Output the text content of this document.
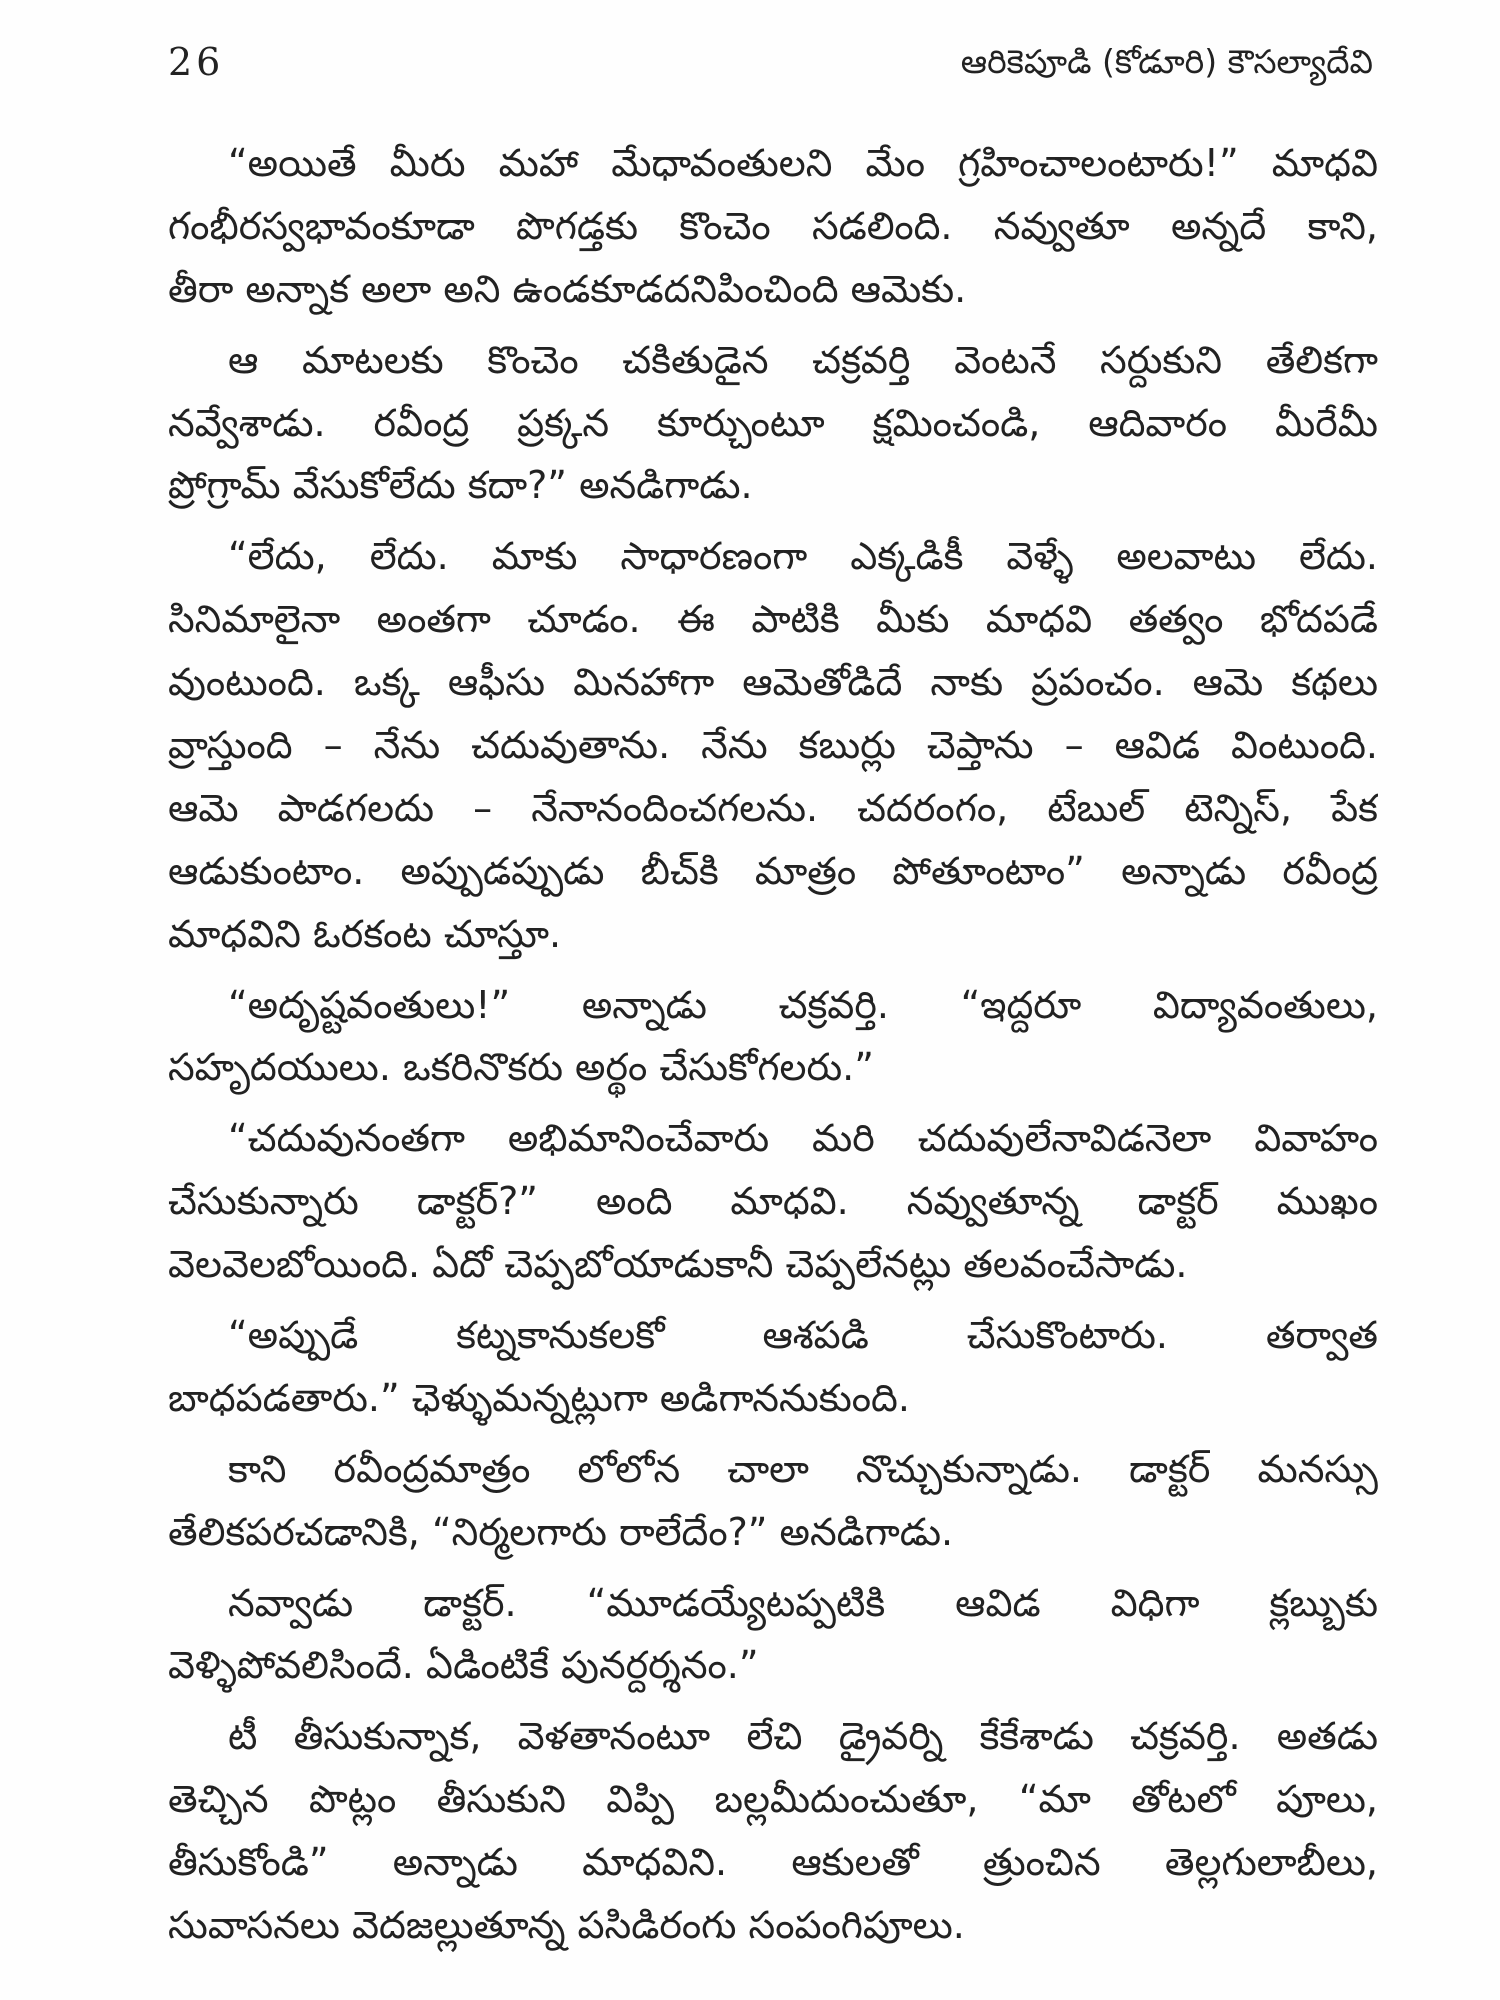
26	ఆరికెపూడి (కోడూరి) కౌసల్యాదేవి
“అయితే మీరు మహా మేధావంతులని మేం గ్రహించాలంటారు!” మాధవి
గంభీరస్వభావంకూడా పొగడ్తకు కొంచెం సడలింది. నవ్వుతూ అన్నదే కాని,
తీరా అన్నాక అలా అని ఉండకూడదనిపించింది ఆమెకు.
ఆ మాటలకు కొంచెం చకితుడైన చక్రవర్తి వెంటనే సర్దుకుని తేలికగా
నవ్వేశాడు. రవీంద్ర ప్రక్కన కూర్చుంటూ క్షమించండి, ఆదివారం మీరేమీ
ప్రోగ్రామ్ వేసుకోలేదు కదా?” అనడిగాడు.
“లేదు, లేదు. మాకు సాధారణంగా ఎక్కడికీ వెళ్ళే అలవాటు లేదు.
సినిమాలైనా అంతగా చూడం. ఈ పాటికి మీకు మాధవి తత్వం భోదపడే
వుంటుంది. ఒక్క ఆఫీసు మినహాగా ఆమెతోడిదే నాకు ప్రపంచం. ఆమె కథలు
వ్రాస్తుంది – నేను చదువుతాను. నేను కబుర్లు చెప్తాను – ఆవిడ వింటుంది.
ఆమె పాడగలదు – నేనానందించగలను. చదరంగం, టేబుల్ టెన్నిస్, పేక
ఆడుకుంటాం. అప్పుడప్పుడు బీచ్‌కి మాత్రం పోతూంటాం” అన్నాడు రవీంద్ర
మాధవిని ఓరకంట చూస్తూ.
“అదృష్టవంతులు!” అన్నాడు చక్రవర్తి. “ఇద్దరూ విద్యావంతులు,
సహృదయులు. ఒకరినొకరు అర్థం చేసుకోగలరు.”
“చదువునంతగా అభిమానించేవారు మరి చదువులేనావిడనెలా వివాహం
చేసుకున్నారు డాక్టర్?” అంది మాధవి. నవ్వుతూన్న డాక్టర్ ముఖం
వెలవెలబోయింది. ఏదో చెప్పబోయాడుకానీ చెప్పలేనట్లు తలవంచేసాడు.
“అప్పుడే కట్నకానుకలకో ఆశపడి చేసుకొంటారు. తర్వాత
బాధపడతారు.” ఛెళ్ళుమన్నట్లుగా అడిగాననుకుంది.
కాని రవీంద్రమాత్రం లోలోన చాలా నొచ్చుకున్నాడు. డాక్టర్ మనస్సు
తేలికపరచడానికి, “నిర్మలగారు రాలేదేం?” అనడిగాడు.
నవ్వాడు డాక్టర్. “మూడయ్యేటప్పటికి ఆవిడ విధిగా క్లబ్బుకు
వెళ్ళిపోవలిసిందే. ఏడింటికే పునర్దర్శనం.”
టీ తీసుకున్నాక, వెళతానంటూ లేచి డ్రైవర్ని కేకేశాడు చక్రవర్తి. అతడు
తెచ్చిన పొట్లం తీసుకుని విప్పి బల్లమీదుంచుతూ, “మా తోటలో పూలు,
తీసుకోండి” అన్నాడు మాధవిని. ఆకులతో త్రుంచిన తెల్లగులాబీలు,
సువాసనలు వెదజల్లుతూన్న పసిడిరంగు సంపంగిపూలు.
